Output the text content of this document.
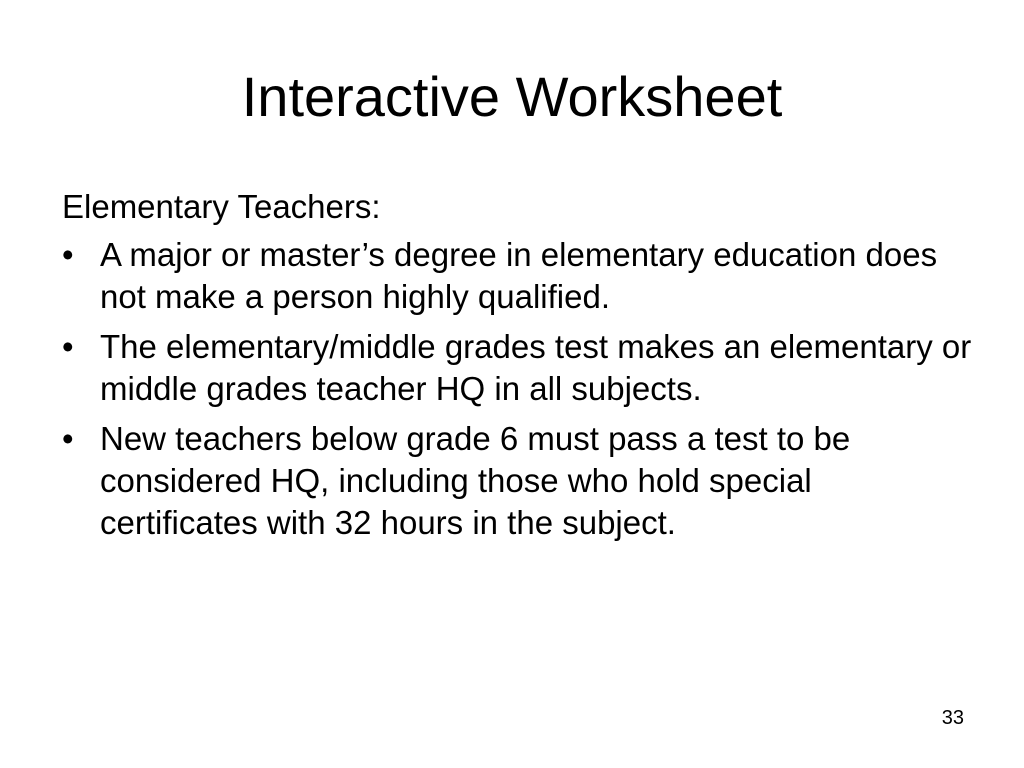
Interactive Worksheet

Elementary Teachers:

• A major or master’s degree in elementary education does not make a person highly qualified.
• The elementary/middle grades test makes an elementary or middle grades teacher HQ in all subjects.
• New teachers below grade 6 must pass a test to be considered HQ, including those who hold special certificates with 32 hours in the subject.
33
